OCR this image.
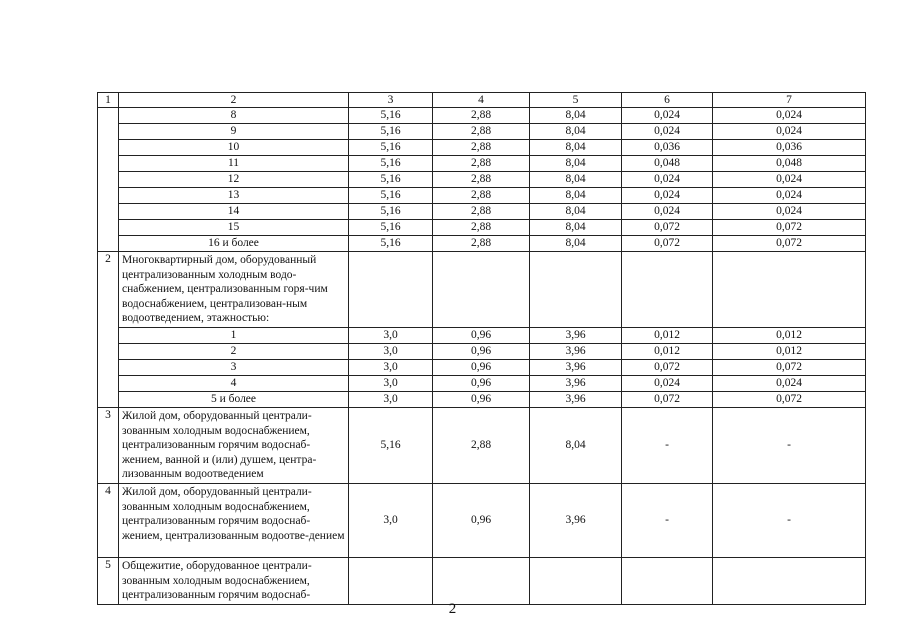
1	2	3	4	5	6	7
	8	5,16	2,88	8,04	0,024	0,024
	9	5,16	2,88	8,04	0,024	0,024
	10	5,16	2,88	8,04	0,036	0,036
	11	5,16	2,88	8,04	0,048	0,048
	12	5,16	2,88	8,04	0,024	0,024
	13	5,16	2,88	8,04	0,024	0,024
	14	5,16	2,88	8,04	0,024	0,024
	15	5,16	2,88	8,04	0,072	0,072
	16 и более	5,16	2,88	8,04	0,072	0,072
2	Многоквартирный дом, оборудованный централизованным холодным водо-снабжением, централизованным горя-чим водоснабжением, централизован-ным водоотведением, этажностью:					
	1	3,0	0,96	3,96	0,012	0,012
	2	3,0	0,96	3,96	0,012	0,012
	3	3,0	0,96	3,96	0,072	0,072
	4	3,0	0,96	3,96	0,024	0,024
	5 и более	3,0	0,96	3,96	0,072	0,072
3	Жилой дом, оборудованный централи-зованным холодным водоснабжением, централизованным горячим водоснаб-жением, ванной и (или) душем, центра-лизованным водоотведением	5,16	2,88	8,04	-	-
4	Жилой дом, оборудованный централи-зованным холодным водоснабжением, централизованным горячим водоснаб-жением, централизованным водоотве-дением	3,0	0,96	3,96	-	-
5	Общежитие, оборудованное централи-зованным холодным водоснабжением, централизованным горячим водоснаб-					
2
